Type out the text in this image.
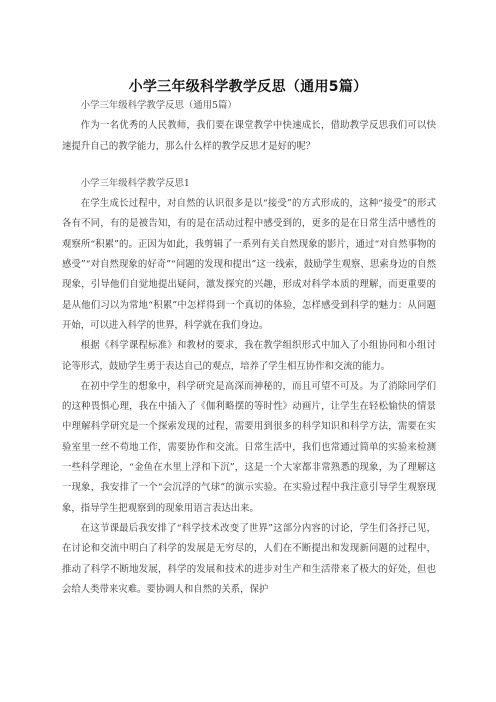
小学三年级科学教学反思（通用5篇）

小学三年级科学教学反思（通用5篇）

作为一名优秀的人民教师，我们要在课堂教学中快速成长，借助教学反思我们可以快速提升自己的教学能力，那么什么样的教学反思才是好的呢？

小学三年级科学教学反思1

在学生成长过程中，对自然的认识很多是以“接受”的方式形成的，这种“接受”的形式各有不同，有的是被告知，有的是在活动过程中感受到的，更多的是在日常生活中感性的观察所“积累”的。正因为如此，我剪辑了一系列有关自然现象的影片，通过“对自然事物的感受”“对自然现象的好奇”“问题的发现和提出”这一线索，鼓励学生观察、思索身边的自然现象，引导他们自觉地提出疑问，激发探究的兴趣，形成对科学本质的理解，而更重要的是从他们习以为常地“积累”中怎样得到一个真切的体验，怎样感受到科学的魅力：从问题开始，可以进入科学的世界，科学就在我们身边。

根据《科学课程标准》和教材的要求，我在教学组织形式中加入了小组协同和小组讨论等形式，鼓励学生勇于表达自己的观点，培养了学生相互协作和交流的能力。

在初中学生的想象中，科学研究是高深而神秘的，而且可望不可及。为了消除同学们的这种畏惧心理，我在中插入了《伽利略摆的等时性》动画片，让学生在轻松愉快的情景中理解科学研究是一个探索发现的过程，需要用到很多的科学知识和科学方法，需要在实验室里一丝不苟地工作，需要协作和交流。日常生活中，我们也常通过简单的实验来检测一些科学理论，“金鱼在水里上浮和下沉”，这是一个大家都非常熟悉的现象，为了理解这一现象，我安排了一个“会沉浮的气球”的演示实验。在实验过程中我注意引导学生观察现象，指导学生把观察到的现象用语言表达出来。

在这节课最后我安排了“科学技术改变了世界”这部分内容的讨论，学生们各抒己见，在讨论和交流中明白了科学的发展是无穷尽的，人们在不断提出和发现新问题的过程中，推动了科学不断地发展，科学的发展和技术的进步对生产和生活带来了极大的好处，但也会给人类带来灾难。要协调人和自然的关系，保护
